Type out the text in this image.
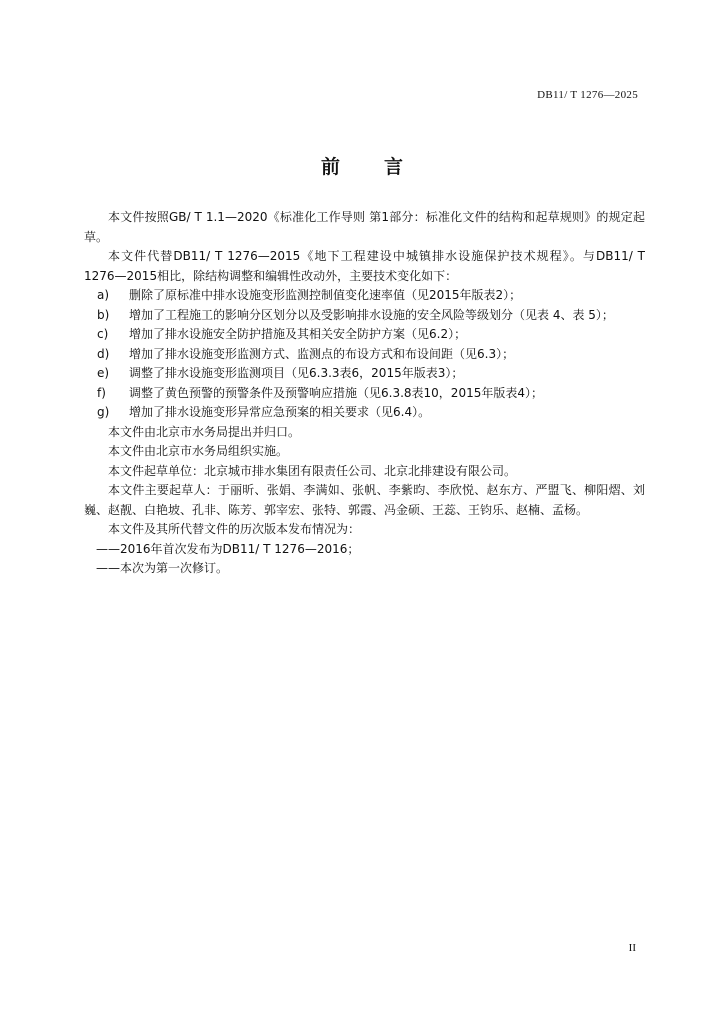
DB11/ T 1276—2025
前 言

本文件按照GB/ T 1.1—2020《标准化工作导则 第1部分：标准化文件的结构和起草规则》的规定起草。

本文件代替DB11/ T 1276—2015《地下工程建设中城镇排水设施保护技术规程》。与DB11/ T 1276—2015相比，除结构调整和编辑性改动外，主要技术变化如下：

a)	删除了原标准中排水设施变形监测控制值变化速率值（见2015年版表2）；
b)	增加了工程施工的影响分区划分以及受影响排水设施的安全风险等级划分（见表 4、表 5）；
c)	增加了排水设施安全防护措施及其相关安全防护方案（见6.2）；
d)	增加了排水设施变形监测方式、监测点的布设方式和布设间距（见6.3）；
e)	调整了排水设施变形监测项目（见6.3.3表6，2015年版表3）；
f)	调整了黄色预警的预警条件及预警响应措施（见6.3.8表10，2015年版表4）；
g)	增加了排水设施变形异常应急预案的相关要求（见6.4）。

本文件由北京市水务局提出并归口。

本文件由北京市水务局组织实施。

本文件起草单位：北京城市排水集团有限责任公司、北京北排建设有限公司。

本文件主要起草人：于丽昕、张娟、李满如、张帆、李紫昀、李欣悦、赵东方、严盟飞、柳阳熠、刘巍、赵靓、白艳坡、孔非、陈芳、郭宰宏、张特、郭霞、冯金硕、王蕊、王钧乐、赵楠、孟杨。

本文件及其所代替文件的历次版本发布情况为：

——2016年首次发布为DB11/ T 1276—2016；

——本次为第一次修订。

II
